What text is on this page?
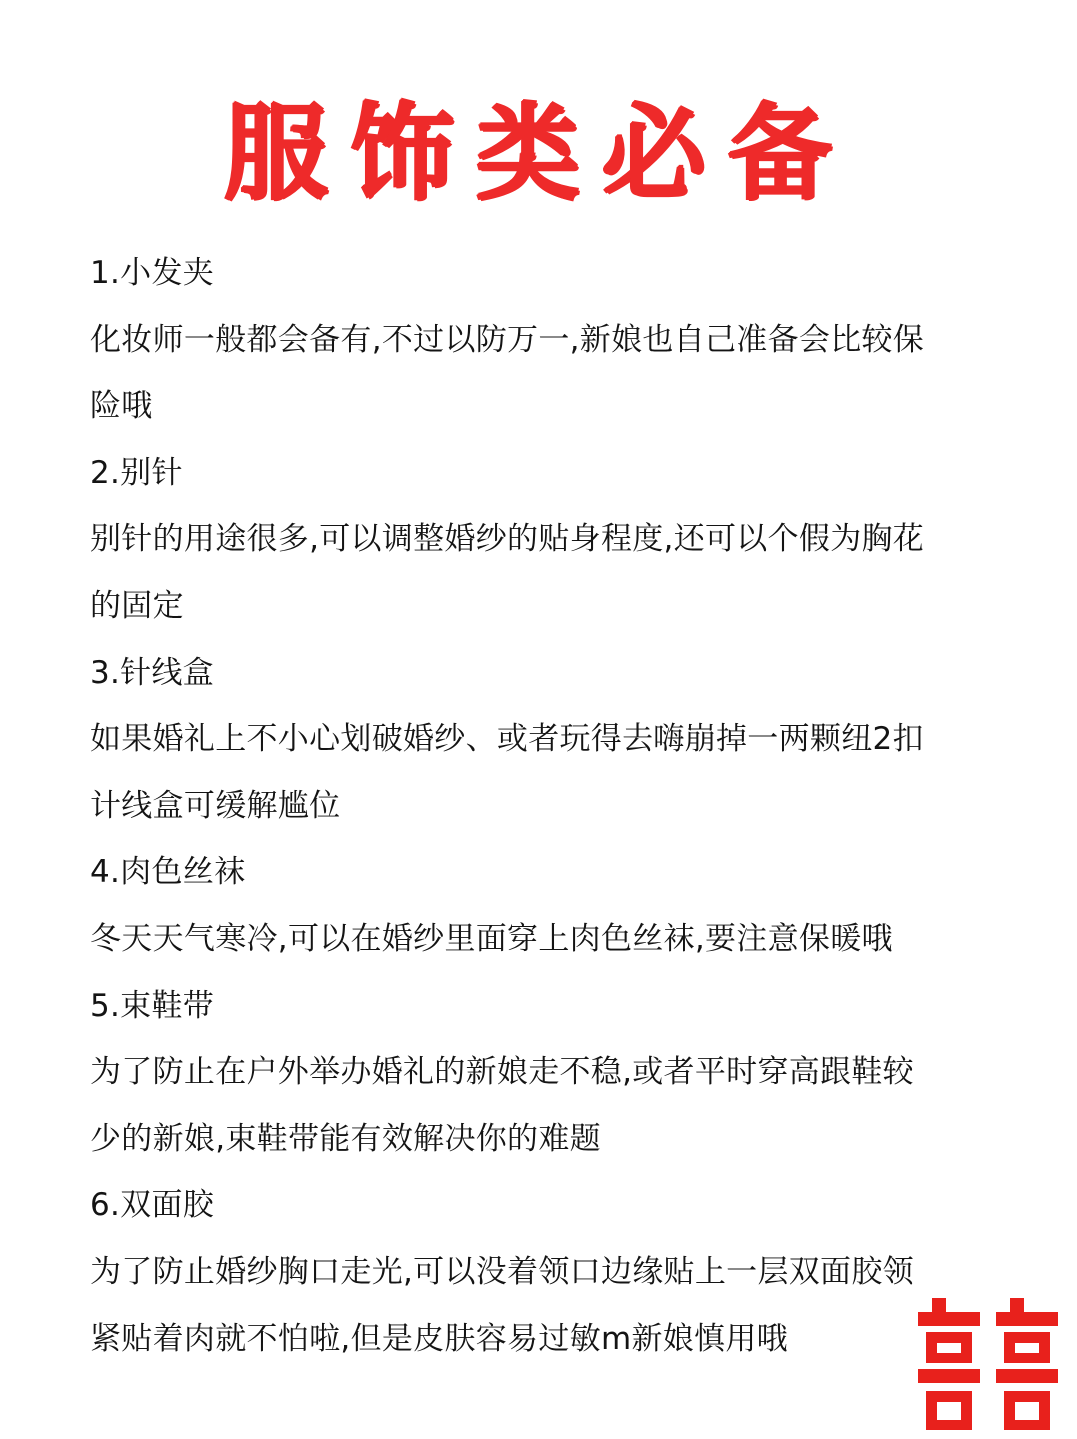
服饰类必备
1.小发夹
化妆师一般都会备有,不过以防万一,新娘也自己准备会比较保
险哦
2.别针
别针的用途很多,可以调整婚纱的贴身程度,还可以个假为胸花
的固定
3.针线盒
如果婚礼上不小心划破婚纱、或者玩得去嗨崩掉一两颗纽2扣
计线盒可缓解尴位
4.肉色丝袜
冬天天气寒冷,可以在婚纱里面穿上肉色丝袜,要注意保暖哦
5.束鞋带
为了防止在户外举办婚礼的新娘走不稳,或者平时穿高跟鞋较
少的新娘,束鞋带能有效解决你的难题
6.双面胶
为了防止婚纱胸口走光,可以没着领口边缘贴上一层双面胶领
紧贴着肉就不怕啦,但是皮肤容易过敏m新娘慎用哦
